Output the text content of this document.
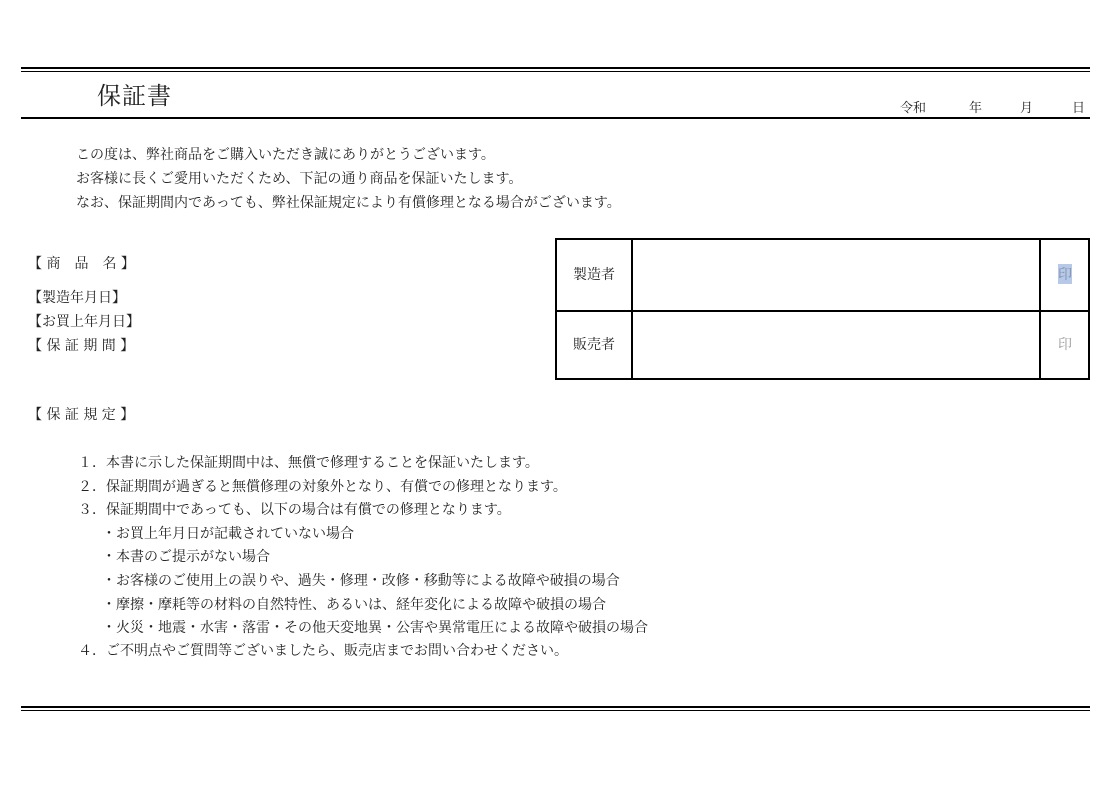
保証書	令和	年	月	日
この度は、弊社商品をご購入いただき誠にありがとうございます。
お客様に長くご愛用いただくため、下記の通り商品を保証いたします。
なお、保証期間内であっても、弊社保証規定により有償修理となる場合がございます。
【 商　品　名 】
【製造年月日】
【お買上年月日】
【 保 証 期 間 】
製造者	印
販売者	印
【 保 証 規 定 】
１．本書に示した保証期間中は、無償で修理することを保証いたします。
２．保証期間が過ぎると無償修理の対象外となり、有償での修理となります。
３．保証期間中であっても、以下の場合は有償での修理となります。
・お買上年月日が記載されていない場合
・本書のご提示がない場合
・お客様のご使用上の誤りや、過失・修理・改修・移動等による故障や破損の場合
・摩擦・摩耗等の材料の自然特性、あるいは、経年変化による故障や破損の場合
・火災・地震・水害・落雷・その他天変地異・公害や異常電圧による故障や破損の場合
４．ご不明点やご質問等ございましたら、販売店までお問い合わせください。
